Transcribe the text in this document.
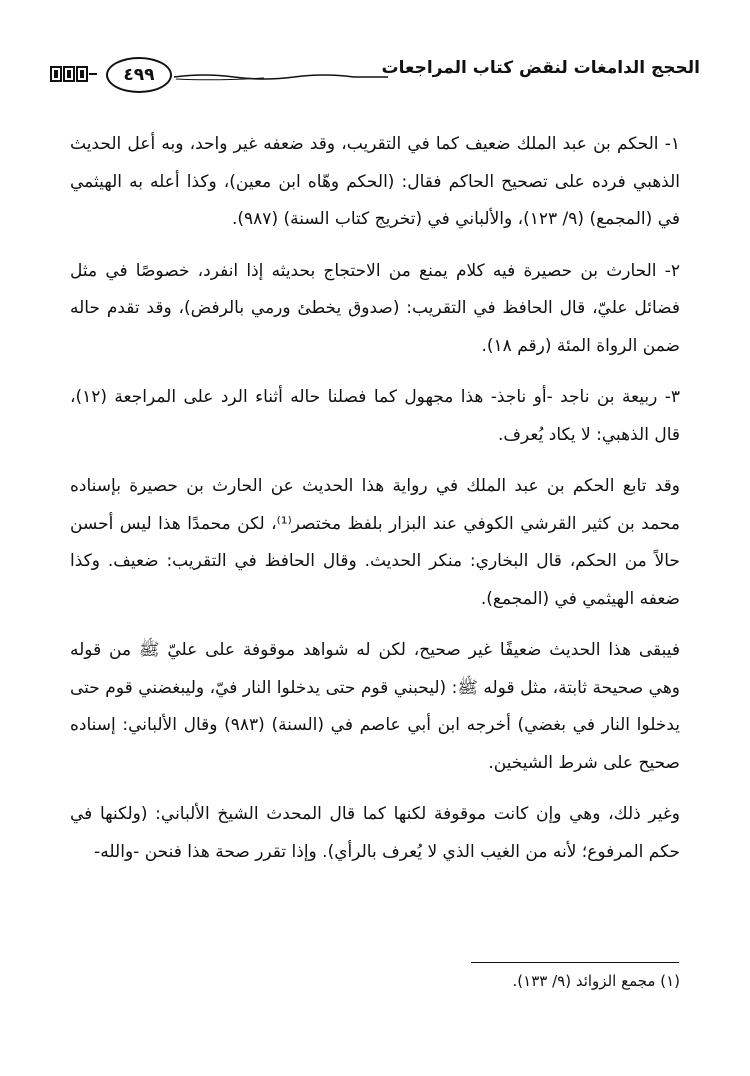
الحجج الدامغات لنقض كتاب المراجعات
٤٩٩

١- الحكم بن عبد الملك ضعيف كما في التقريب، وقد ضعفه غير واحد، وبه أعل الحديث الذهبي فرده على تصحيح الحاكم فقال: (الحكم وهّاه ابن معين)، وكذا أعله به الهيثمي في (المجمع) (٩/ ١٢٣)، والألباني في (تخريج كتاب السنة) (٩٨٧).

٢- الحارث بن حصيرة فيه كلام يمنع من الاحتجاج بحديثه إذا انفرد، خصوصًا في مثل فضائل عليّ، قال الحافظ في التقريب: (صدوق يخطئ ورمي بالرفض)، وقد تقدم حاله ضمن الرواة المئة (رقم ١٨).

٣- ربيعة بن ناجد -أو ناجذ- هذا مجهول كما فصلنا حاله أثناء الرد على المراجعة (١٢)، قال الذهبي: لا يكاد يُعرف.

وقد تابع الحكم بن عبد الملك في رواية هذا الحديث عن الحارث بن حصيرة بإسناده محمد بن كثير القرشي الكوفي عند البزار بلفظ مختصر⁽¹⁾، لكن محمدًا هذا ليس أحسن حالاً من الحكم، قال البخاري: منكر الحديث. وقال الحافظ في التقريب: ضعيف. وكذا ضعفه الهيثمي في (المجمع).

فيبقى هذا الحديث ضعيفًا غير صحيح، لكن له شواهد موقوفة على عليّ ﷺ من قوله وهي صحيحة ثابتة، مثل قوله ﷺ: (ليحبني قوم حتى يدخلوا النار فيّ، وليبغضني قوم حتى يدخلوا النار في بغضي) أخرجه ابن أبي عاصم في (السنة) (٩٨٣) وقال الألباني: إسناده صحيح على شرط الشيخين.

وغير ذلك، وهي وإن كانت موقوفة لكنها كما قال المحدث الشيخ الألباني: (ولكنها في حكم المرفوع؛ لأنه من الغيب الذي لا يُعرف بالرأي). وإذا تقرر صحة هذا فنحن -والله-

(١) مجمع الزوائد (٩/ ١٣٣).
